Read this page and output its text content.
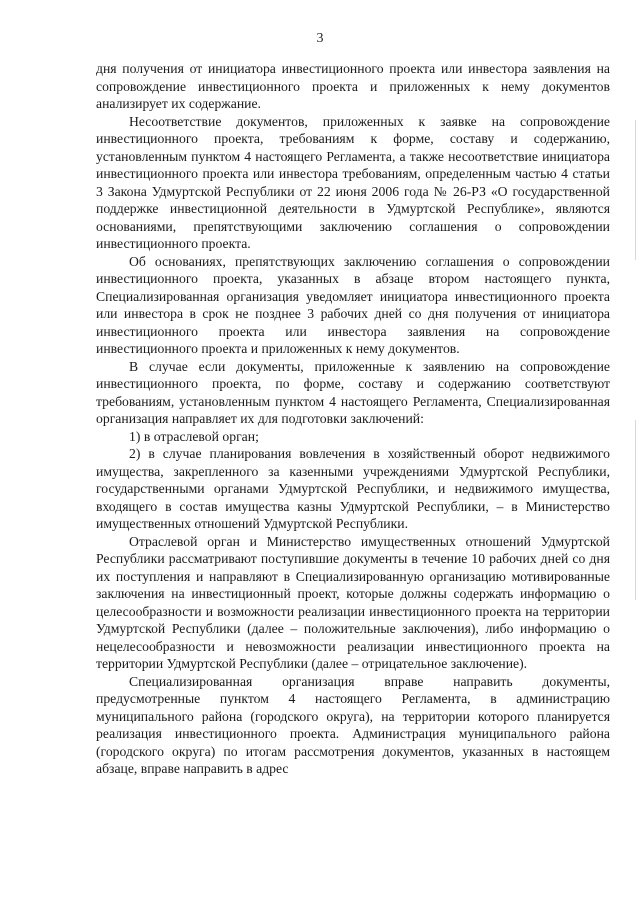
3

дня получения от инициатора инвестиционного проекта или инвестора заявления на сопровождение инвестиционного проекта и приложенных к нему документов анализирует их содержание.

Несоответствие документов, приложенных к заявке на сопровождение инвестиционного проекта, требованиям к форме, составу и содержанию, установленным пунктом 4 настоящего Регламента, а также несоответствие инициатора инвестиционного проекта или инвестора требованиям, определенным частью 4 статьи 3 Закона Удмуртской Республики от 22 июня 2006 года № 26-РЗ «О государственной поддержке инвестиционной деятельности в Удмуртской Республике», являются основаниями, препятствующими заключению соглашения о сопровождении инвестиционного проекта.

Об основаниях, препятствующих заключению соглашения о сопровождении инвестиционного проекта, указанных в абзаце втором настоящего пункта, Специализированная организация уведомляет инициатора инвестиционного проекта или инвестора в срок не позднее 3 рабочих дней со дня получения от инициатора инвестиционного проекта или инвестора заявления на сопровождение инвестиционного проекта и приложенных к нему документов.

В случае если документы, приложенные к заявлению на сопровождение инвестиционного проекта, по форме, составу и содержанию соответствуют требованиям, установленным пунктом 4 настоящего Регламента, Специализированная организация направляет их для подготовки заключений:

1) в отраслевой орган;

2) в случае планирования вовлечения в хозяйственный оборот недвижимого имущества, закрепленного за казенными учреждениями Удмуртской Республики, государственными органами Удмуртской Республики, и недвижимого имущества, входящего в состав имущества казны Удмуртской Республики, – в Министерство имущественных отношений Удмуртской Республики.

Отраслевой орган и Министерство имущественных отношений Удмуртской Республики рассматривают поступившие документы в течение 10 рабочих дней со дня их поступления и направляют в Специализированную организацию мотивированные заключения на инвестиционный проект, которые должны содержать информацию о целесообразности и возможности реализации инвестиционного проекта на территории Удмуртской Республики (далее – положительные заключения), либо информацию о нецелесообразности и невозможности реализации инвестиционного проекта на территории Удмуртской Республики (далее – отрицательное заключение).

Специализированная организация вправе направить документы, предусмотренные пунктом 4 настоящего Регламента, в администрацию муниципального района (городского округа), на территории которого планируется реализация инвестиционного проекта. Администрация муниципального района (городского округа) по итогам рассмотрения документов, указанных в настоящем абзаце, вправе направить в адрес
